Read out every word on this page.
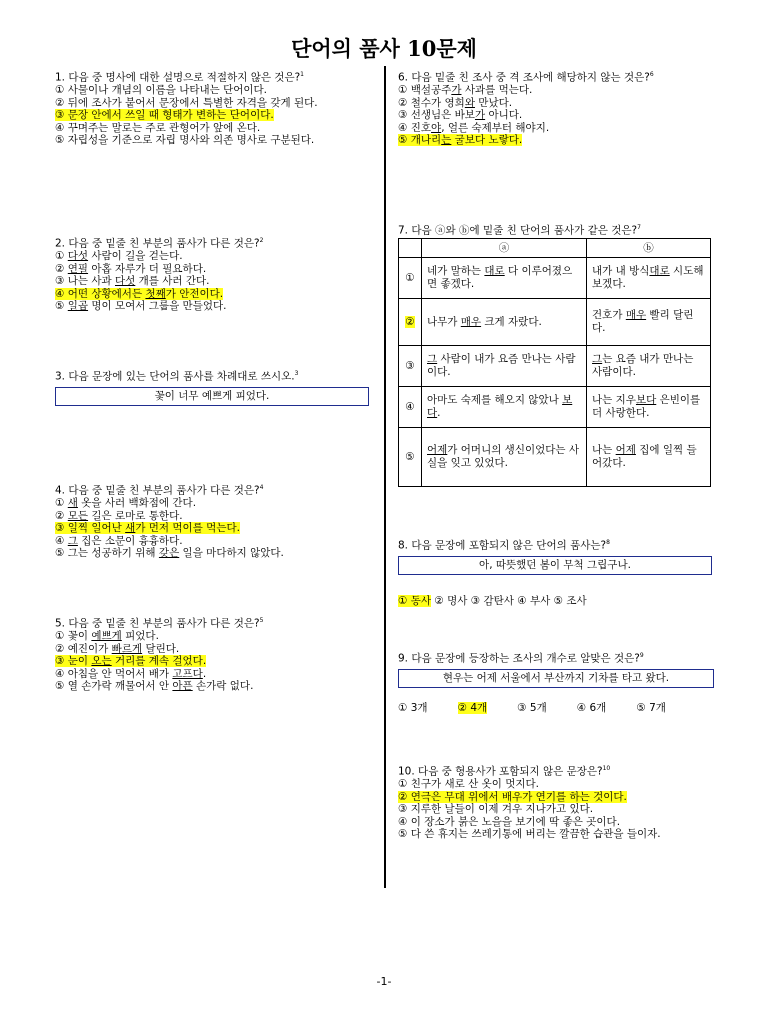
단어의 품사 10문제
1. 다음 중 명사에 대한 설명으로 적절하지 않은 것은?$^1$
① 사물이나 개념의 이름을 나타내는 단어이다.
② 뒤에 조사가 붙어서 문장에서 특별한 자격을 갖게 된다.
③ 문장 안에서 쓰일 때 형태가 변하는 단어이다.
④ 꾸며주는 말로는 주로 관형어가 앞에 온다.
⑤ 자립성을 기준으로 자립 명사와 의존 명사로 구분된다.
2. 다음 중 밑줄 친 부분의 품사가 다른 것은?$^2$
① 다섯 사람이 길을 걷는다.
② 연필 아홉 자루가 더 필요하다.
③ 나는 사과 다섯 개를 사러 간다.
④ 어떤 상황에서든 첫째가 안전이다.
⑤ 일곱 명이 모여서 그룹을 만들었다.
3. 다음 문장에 있는 단어의 품사를 차례대로 쓰시오.$^3$
꽃이 너무 예쁘게 피었다.
4. 다음 중 밑줄 친 부분의 품사가 다른 것은?$^4$
① 새 옷을 사러 백화점에 간다.
② 모든 길은 로마로 통한다.
③ 일찍 일어난 새가 먼저 먹이를 먹는다.
④ 그 집은 소문이 흉흉하다.
⑤ 그는 성공하기 위해 갖은 일을 마다하지 않았다.
5. 다음 중 밑줄 친 부분의 품사가 다른 것은?$^5$
① 꽃이 예쁘게 피었다.
② 예진이가 빠르게 달린다.
③ 눈이 오는 거리를 계속 걸었다.
④ 아침을 안 먹어서 배가 고프다.
⑤ 열 손가락 깨물어서 안 아픈 손가락 없다.
6. 다음 밑줄 친 조사 중 격 조사에 해당하지 않는 것은?$^6$
① 백설공주가 사과를 먹는다.
② 철수가 영희와 만났다.
③ 선생님은 바보가 아니다.
④ 진호야, 얼른 숙제부터 해야지.
⑤ 개나리는 굴보다 노랗다.
7. 다음 ⓐ와 ⓑ에 밑줄 친 단어의 품사가 같은 것은?$^7$
	ⓐ	ⓑ
①	네가 말하는 대로 다 이루어졌으면 좋겠다.	내가 내 방식대로 시도해보겠다.
②	나무가 매우 크게 자랐다.	건호가 매우 빨리 달린다.
③	그 사람이 내가 요즘 만나는 사람이다.	그는 요즘 내가 만나는 사람이다.
④	아마도 숙제를 해오지 않았나 보다.	나는 지우보다 은빈이를 더 사랑한다.
⑤	어제가 어머니의 생신이었다는 사실을 잊고 있었다.	나는 어제 집에 일찍 들어갔다.
8. 다음 문장에 포함되지 않은 단어의 품사는?$^8$
아, 따뜻했던 봄이 무척 그립구나.
① 동사 ② 명사 ③ 감탄사 ④ 부사 ⑤ 조사
9. 다음 문장에 등장하는 조사의 개수로 알맞은 것은?$^9$
현우는 어제 서울에서 부산까지 기차를 타고 왔다.
① 3개	② 4개	③ 5개	④ 6개	⑤ 7개
10. 다음 중 형용사가 포함되지 않은 문장은?$^{10}$
① 친구가 새로 산 옷이 멋지다.
② 연극은 무대 위에서 배우가 연기를 하는 것이다.
③ 지루한 날들이 이제 겨우 지나가고 있다.
④ 이 장소가 붉은 노을을 보기에 딱 좋은 곳이다.
⑤ 다 쓴 휴지는 쓰레기통에 버리는 깔끔한 습관을 들이자.
-1-
